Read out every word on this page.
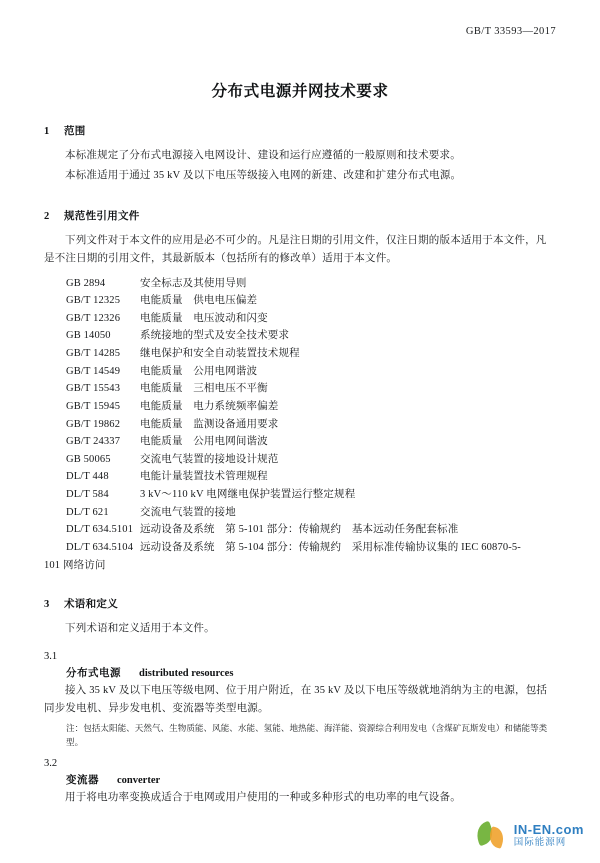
GB/T 33593—2017
分布式电源并网技术要求
1 范围
本标准规定了分布式电源接入电网设计、建设和运行应遵循的一般原则和技术要求。
本标准适用于通过 35 kV 及以下电压等级接入电网的新建、改建和扩建分布式电源。
2 规范性引用文件
下列文件对于本文件的应用是必不可少的。凡是注日期的引用文件，仅注日期的版本适用于本文件，凡是不注日期的引用文件，其最新版本（包括所有的修改单）适用于本文件。
GB 2894	安全标志及其使用导则
GB/T 12325 电能质量　供电电压偏差
GB/T 12326 电能质量　电压波动和闪变
GB 14050	系统接地的型式及安全技术要求
GB/T 14285 继电保护和安全自动装置技术规程
GB/T 14549 电能质量　公用电网谐波
GB/T 15543 电能质量　三相电压不平衡
GB/T 15945 电能质量　电力系统频率偏差
GB/T 19862 电能质量　监测设备通用要求
GB/T 24337 电能质量　公用电网间谐波
GB 50065	交流电气装置的接地设计规范
DL/T 448	电能计量装置技术管理规程
DL/T 584	3 kV～110 kV 电网继电保护装置运行整定规程
DL/T 621	交流电气装置的接地
DL/T 634.5101 远动设备及系统　第 5-101 部分：传输规约　基本远动任务配套标准
DL/T 634.5104 远动设备及系统　第 5-104 部分：传输规约　采用标准传输协议集的 IEC 60870-5-
101 网络访问
3 术语和定义
下列术语和定义适用于本文件。
3.1
分布式电源 distributed resources
接入 35 kV 及以下电压等级电网、位于用户附近，在 35 kV 及以下电压等级就地消纳为主的电源，包括同步发电机、异步发电机、变流器等类型电源。
注：包括太阳能、天然气、生物质能、风能、水能、氢能、地热能、海洋能、资源综合利用发电（含煤矿瓦斯发电）和储能等类型。
3.2
变流器 converter
用于将电功率变换成适合于电网或用户使用的一种或多种形式的电功率的电气设备。
IN-EN.com
国际能源网
